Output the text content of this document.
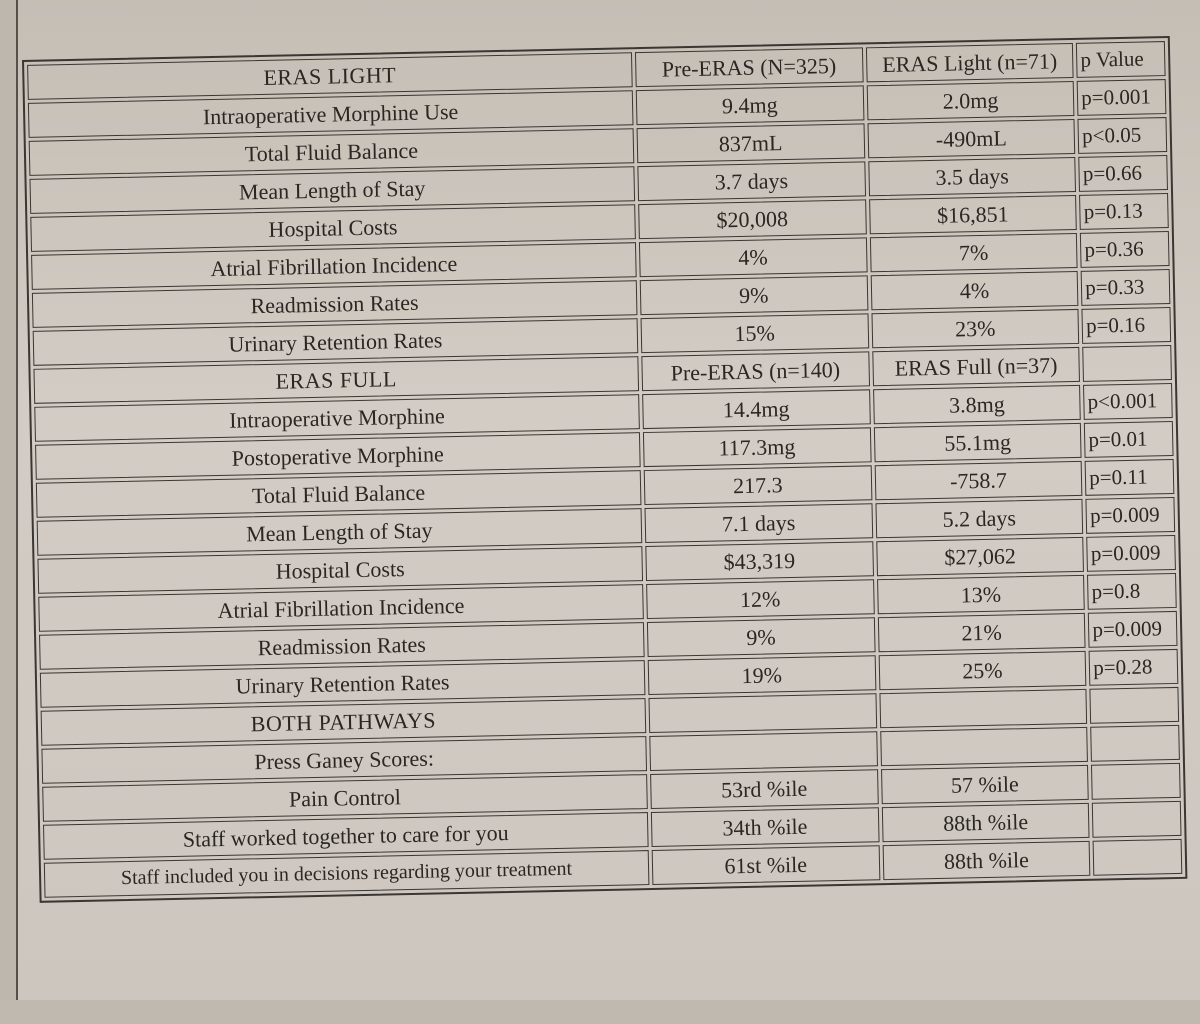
ERAS LIGHT	Pre-ERAS (N=325)	ERAS Light (n=71)	p Value
Intraoperative Morphine Use	9.4mg	2.0mg	p=0.001
Total Fluid Balance	837mL	-490mL	p<0.05
Mean Length of Stay	3.7 days	3.5 days	p=0.66
Hospital Costs	$20,008	$16,851	p=0.13
Atrial Fibrillation Incidence	4%	7%	p=0.36
Readmission Rates	9%	4%	p=0.33
Urinary Retention Rates	15%	23%	p=0.16
ERAS FULL	Pre-ERAS (n=140)	ERAS Full (n=37)	
Intraoperative Morphine	14.4mg	3.8mg	p<0.001
Postoperative Morphine	117.3mg	55.1mg	p=0.01
Total Fluid Balance	217.3	-758.7	p=0.11
Mean Length of Stay	7.1 days	5.2 days	p=0.009
Hospital Costs	$43,319	$27,062	p=0.009
Atrial Fibrillation Incidence	12%	13%	p=0.8
Readmission Rates	9%	21%	p=0.009
Urinary Retention Rates	19%	25%	p=0.28
BOTH PATHWAYS			
Press Ganey Scores:			
Pain Control	53rd %ile	57 %ile	
Staff worked together to care for you	34th %ile	88th %ile	
Staff included you in decisions regarding your treatment	61st %ile	88th %ile	
